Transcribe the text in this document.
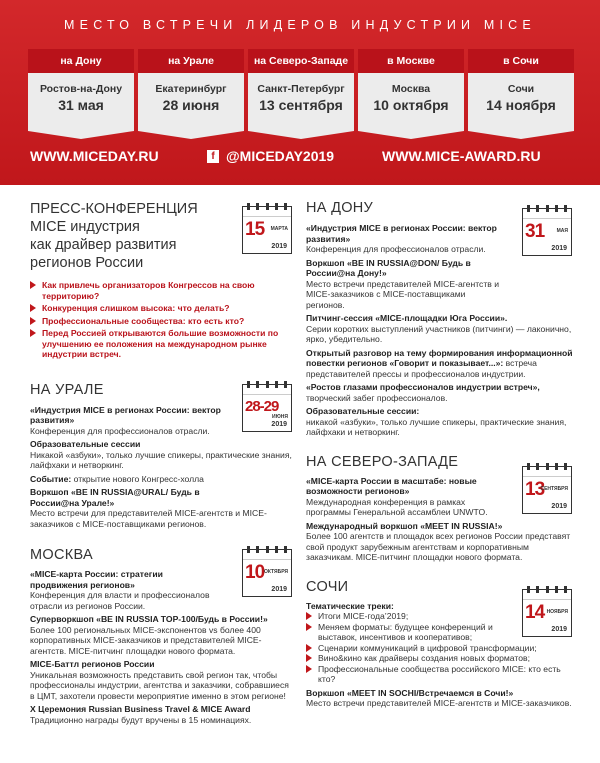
МЕСТО ВСТРЕЧИ ЛИДЕРОВ ИНДУСТРИИ MICE
на Дону
Ростов-на-Дону
31 мая
на Урале
Екатеринбург
28 июня
на Северо-Западе
Санкт-Петербург
13 сентября
в Москве
Москва
10 октября
в Сочи
Сочи
14 ноября
WWW.MICEDAY.RU	f @MICEDAY2019	WWW.MICE-AWARD.RU
ПРЕСС-КОНФЕРЕНЦИЯ
MICE индустрия
как драйвер развития
регионов России
15 МАРТА
2019
Как привлечь организаторов Конгрессов на свою территорию?
Конкуренция слишком высока: что делать?
Профессиональные сообщества: кто есть кто?
Перед Россией открываются большие возможности по улучшению ее положения на международном рынке индустрии встреч.
НА УРАЛЕ
28-29
ИЮНЯ
2019
«Индустрия MICE в регионах России: вектор развития»
Конференция для профессионалов отрасли.
Образовательные сессии
Никакой «азбуки», только лучшие спикеры, практические знания, лайфхаки и нетворкинг.
Событие: открытие нового Конгресс-холла
Воркшоп «BE IN RUSSIA@URAL/ Будь в России@на Урале!»
Место встречи для представителей MICE-агентств и MICE-заказчиков с MICE-поставщиками регионов.
МОСКВА
10 ОКТЯБРЯ
2019
«MICE-карта России: стратегии продвижения регионов»
Конференция для власти и профессионалов отрасли из регионов России.
Суперворкшоп «BE IN RUSSIA TOP-100/Будь в России!»
Более 100 региональных MICE-экспонентов vs более 400 корпоративных MICE-заказчиков и представителей MICE-агентств. MICE-питчинг площадки нового формата.
MICE-Баттл регионов России
Уникальная возможность представить свой регион так, чтобы профессионалы индустрии, агентства и заказчики, собравшиеся в ЦМТ, захотели провести мероприятие именно в этом регионе!
X Церемония Russian Business Travel & MICE Award
Традиционно награды будут вручены в 15 номинациях.
НА ДОНУ
31 МАЯ
2019
«Индустрия MICE в регионах России: вектор развития»
Конференция для профессионалов отрасли.
Воркшоп «BE IN RUSSIA@DON/ Будь в России@на Дону!»
Место встречи представителей MICE-агентств и MICE-заказчиков с MICE-поставщиками регионов.
Питчинг-сессия «MICE-площадки Юга России».
Серии коротких выступлений участников (питчинги) — лаконично, ярко, убедительно.
Открытый разговор на тему формирования информационной повестки регионов «Говорит и показывает...»: встреча представителей прессы и профессионалов индустрии.
«Ростов глазами профессионалов индустрии встреч»,
творческий забег профессионалов.
Образовательные сессии:
никакой «азбуки», только лучшие спикеры, практические знания, лайфхаки и нетворкинг.
НА СЕВЕРО-ЗАПАДЕ
13
СЕНТЯБРЯ
2019
«MICE-карта России в масштабе: новые возможности регионов»
Международная конференция в рамках программы Генеральной ассамблеи UNWTO.
Международный воркшоп «MEET IN RUSSIA!»
Более 100 агентств и площадок всех регионов России представят свой продукт зарубежным агентствам и корпоративным заказчикам. MICE-питчинг площадки нового формата.
СОЧИ
14 НОЯБРЯ
2019
Тематические треки:
Итоги MICE-года’2019;
Меняем форматы: будущее конференций и выставок, инсентивов и кооперативов;
Сценарии коммуникаций в цифровой трансформации;
Вино&кино как драйверы создания новых форматов;
Профессиональные сообщества российского MICE: кто есть кто?
Воркшоп «MEET IN SOCHI/Встречаемся в Сочи!»
Место встречи представителей MICE-агентств и MICE-заказчиков.
